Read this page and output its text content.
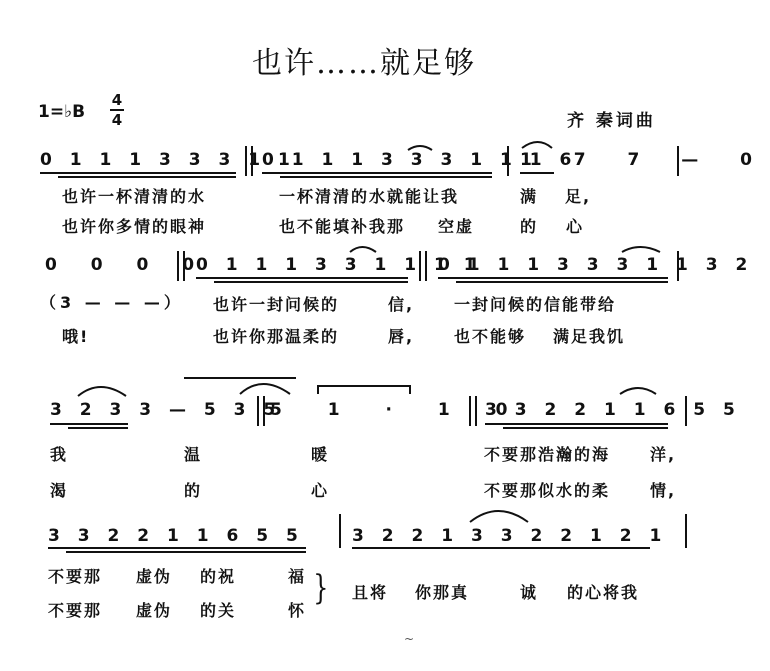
也许……就足够
1=♭B
4
4	齐 秦词曲
0 1 1 1 3 3 3 1 1
0 1 1 1 3 3 3 1 1 1 6
1 7 7 — 0
也许一杯清清的水	一杯清清的水就能让我	满 足,
也许你多情的眼神	也不能填补我那 空虚	的 心
0 0 0 0
0 1 1 1 3 3 1 1 1 1
0 1 1 1 3 3 3 1 1 3 2
（3 — — —） 也许一封问候的	信, 一封问候的信能带给
哦!	也许你那温柔的	唇, 也不能够 满足我饥
3 2 3 3 — 5 3 5
5 1 · 1 0
3 3 2 2 1 1 6 5 5
我	温	暖	不要那浩瀚的海 洋,
渴	的	心	不要那似水的柔 情,
3 3 2 2 1 1 6 5 5	3 2 2 1 3 3 2 2 1 2 1
不要那 虚伪 的祝	福
不要那 虚伪 的关	怀
} 且将 你那真	诚 的心将我
~
